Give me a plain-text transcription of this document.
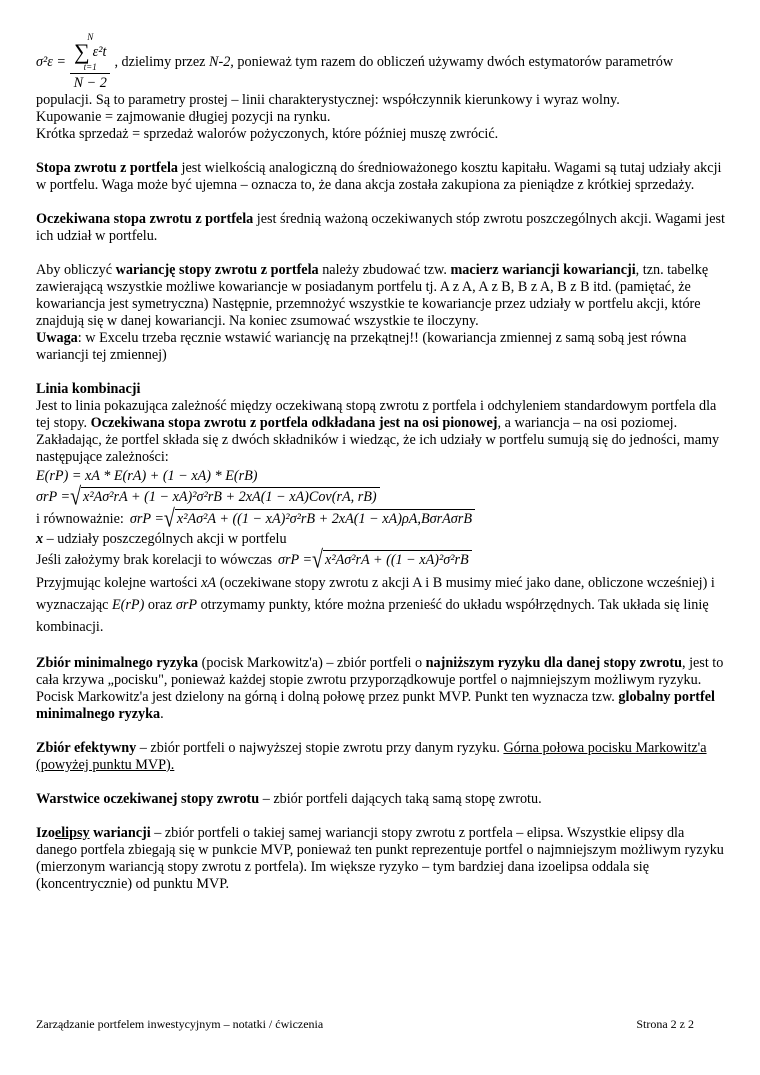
σ²ε = N
∑ ε²t
t=1
N − 2 , dzielimy przez N-2, ponieważ tym razem do obliczeń używamy dwóch estymatorów parametrów

populacji. Są to parametry prostej – linii charakterystycznej: współczynnik kierunkowy i wyraz wolny.

Kupowanie = zajmowanie długiej pozycji na rynku.

Krótka sprzedaż = sprzedaż walorów pożyczonych, które później muszę zwrócić.

Stopa zwrotu z portfela jest wielkością analogiczną do średnioważonego kosztu kapitału. Wagami są tutaj udziały akcji w portfelu. Waga może być ujemna – oznacza to, że dana akcja została zakupiona za pieniądze z krótkiej sprzedaży.

Oczekiwana stopa zwrotu z portfela jest średnią ważoną oczekiwanych stóp zwrotu poszczególnych akcji. Wagami jest ich udział w portfelu.

Aby obliczyć wariancję stopy zwrotu z portfela należy zbudować tzw. macierz wariancji kowariancji, tzn. tabelkę zawierającą wszystkie możliwe kowariancje w posiadanym portfelu tj. A z A, A z B, B z A, B z B itd. (pamiętać, że kowariancja jest symetryczna) Następnie, przemnożyć wszystkie te kowariancje przez udziały w portfelu akcji, które znajdują się w danej kowariancji. Na koniec zsumować wszystkie te iloczyny.

Uwaga: w Excelu trzeba ręcznie wstawić wariancję na przekątnej!! (kowariancja zmiennej z samą sobą jest równa wariancji tej zmiennej)

Linia kombinacji

Jest to linia pokazująca zależność między oczekiwaną stopą zwrotu z portfela i odchyleniem standardowym portfela dla tej stopy. Oczekiwana stopa zwrotu z portfela odkładana jest na osi pionowej, a wariancja – na osi poziomej. Zakładając, że portfel składa się z dwóch składników i wiedząc, że ich udziały w portfelu sumują się do jedności, mamy następujące zależności:

E(rP) = xA * E(rA) + (1 − xA) * E(rB)
σrP = √ x²Aσ²rA + (1 − xA)²σ²rB + 2xA(1 − xA)Cov(rA, rB)
i równoważnie: σrP = √ x²Aσ²A + ((1 − xA)²σ²rB + 2xA(1 − xA)ρA,BσrAσrB

x – udziały poszczególnych akcji w portfelu

Jeśli założymy brak korelacji to wówczas σrP = √ x²Aσ²rA + ((1 − xA)²σ²rB

Przyjmując kolejne wartości xA (oczekiwane stopy zwrotu z akcji A i B musimy mieć jako dane, obliczone wcześniej) i wyznaczając E(rP) oraz σrP otrzymamy punkty, które można przenieść do układu współrzędnych. Tak układa się linię kombinacji.

Zbiór minimalnego ryzyka (pocisk Markowitz'a) – zbiór portfeli o najniższym ryzyku dla danej stopy zwrotu, jest to cała krzywa „pocisku", ponieważ każdej stopie zwrotu przyporządkowuje portfel o najmniejszym możliwym ryzyku. Pocisk Markowitz'a jest dzielony na górną i dolną połowę przez punkt MVP. Punkt ten wyznacza tzw. globalny portfel minimalnego ryzyka.

Zbiór efektywny – zbiór portfeli o najwyższej stopie zwrotu przy danym ryzyku. Górna połowa pocisku Markowitz'a (powyżej punktu MVP).

Warstwice oczekiwanej stopy zwrotu – zbiór portfeli dających taką samą stopę zwrotu.

Izoelipsy wariancji – zbiór portfeli o takiej samej wariancji stopy zwrotu z portfela – elipsa. Wszystkie elipsy dla danego portfela zbiegają się w punkcie MVP, ponieważ ten punkt reprezentuje portfel o najmniejszym możliwym ryzyku (mierzonym wariancją stopy zwrotu z portfela). Im większe ryzyko – tym bardziej dana izoelipsa oddala się (koncentrycznie) od punktu MVP.

Zarządzanie portfelem inwestycyjnym – notatki / ćwiczenia	Strona 2 z 2
